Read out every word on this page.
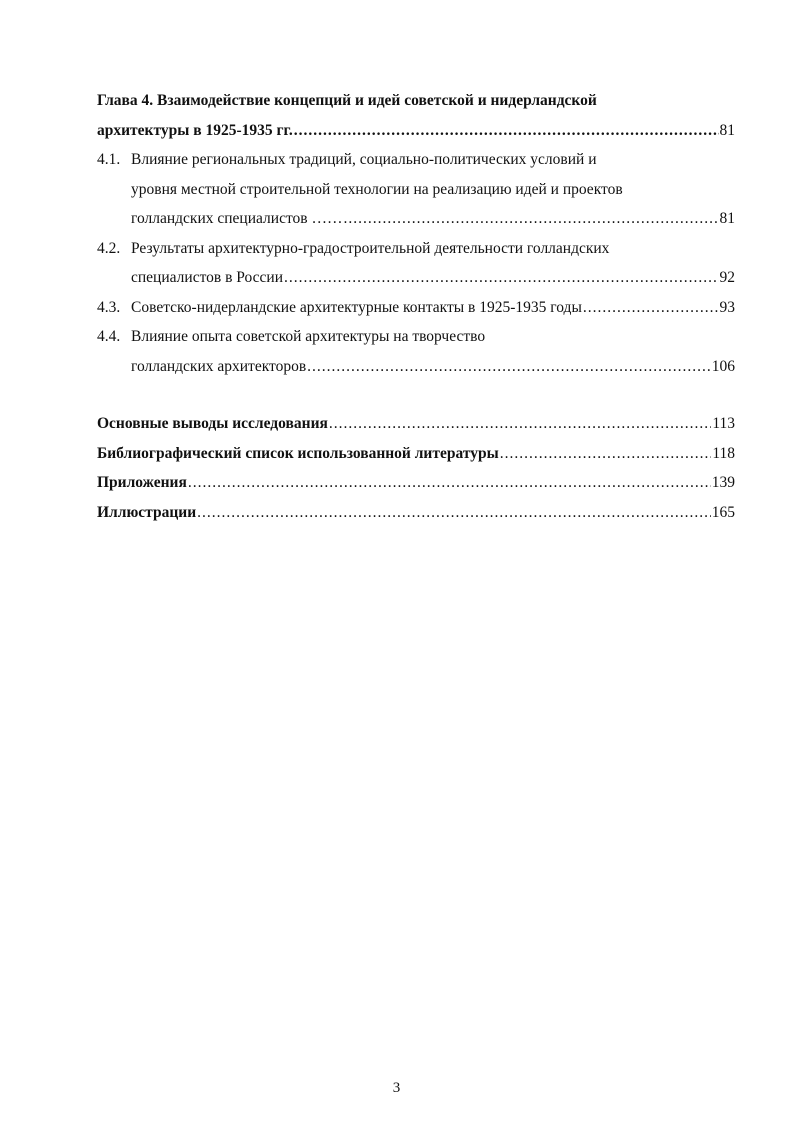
Глава 4. Взаимодействие концепций и идей советской и нидерландской
архитектуры в 1925-1935 гг. .....	81
4.1. Влияние региональных традиций, социально-политических условий и
уровня местной строительной технологии на реализацию идей и проектов
голландских специалистов …… .....	81
4.2. Результаты архитектурно-градостроительной деятельности голландских
специалистов в России .....	92
4.3. Советско-нидерландские архитектурные контакты в 1925-1935 годы .....	93
4.4. Влияние опыта советской архитектуры на творчество
голландских архитекторов .....	106
Основные выводы исследования .....	113
Библиографический список использованной литературы .....	118
Приложения .....	139
Иллюстрации .....	165
3
